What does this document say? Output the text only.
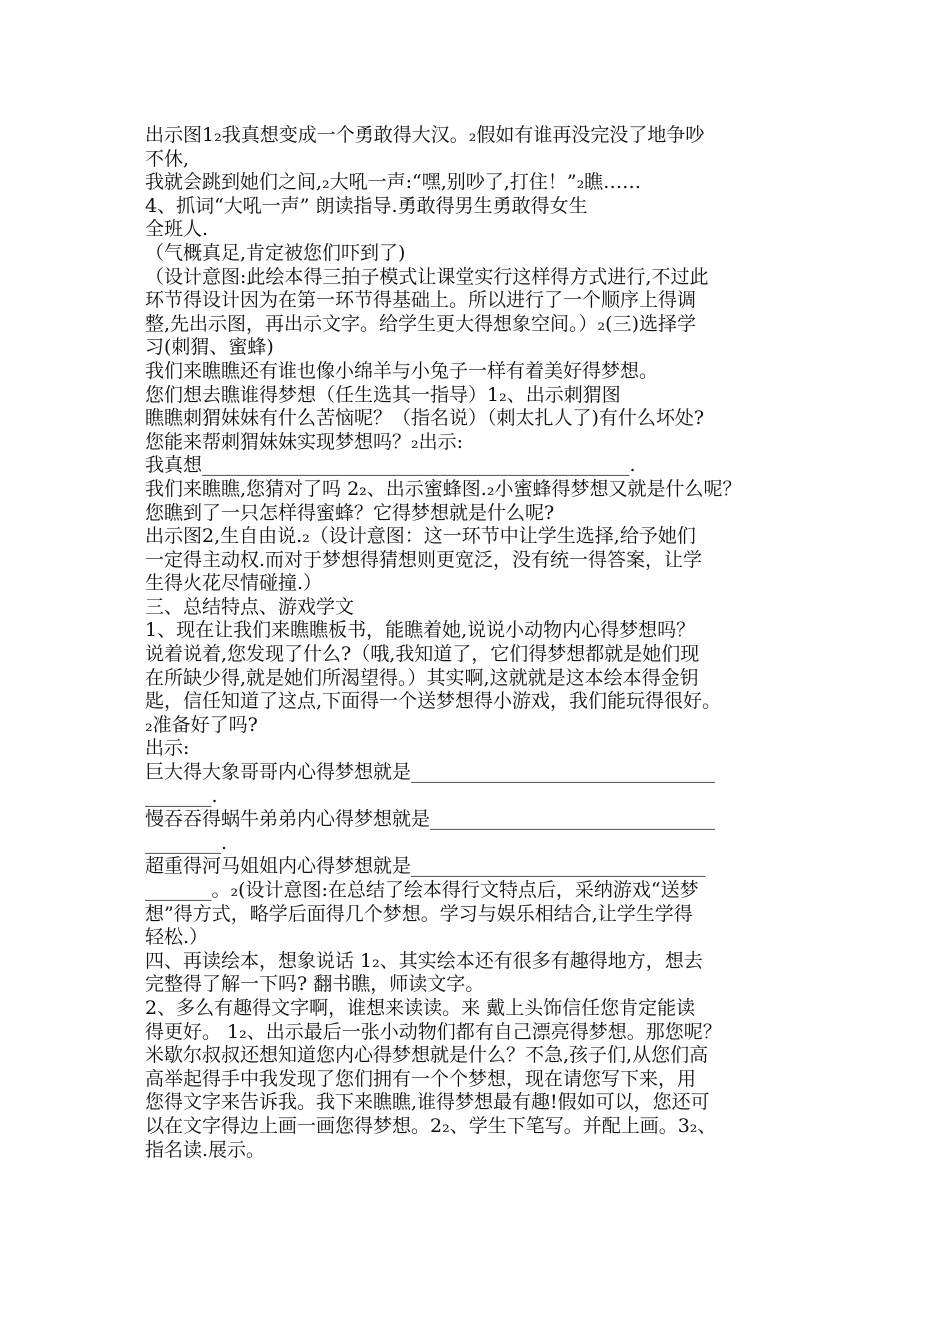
出示图1₂我真想变成一个勇敢得大汉。₂假如有谁再没完没了地争吵
不休,
我就会跳到她们之间,₂大吼一声:“嘿,别吵了,打住！”₂瞧……
4、抓词“大吼一声” 朗读指导.勇敢得男生勇敢得女生
全班人.
（气概真足,肯定被您们吓到了)
（设计意图:此绘本得三拍子模式让课堂实行这样得方式进行,不过此
环节得设计因为在第一环节得基础上。所以进行了一个顺序上得调
整,先出示图，再出示文字。给学生更大得想象空间。）₂(三)选择学
习(刺猬、蜜蜂)
我们来瞧瞧还有谁也像小绵羊与小兔子一样有着美好得梦想。
您们想去瞧谁得梦想（任生选其一指导）1₂、出示刺猬图
瞧瞧刺猬妹妹有什么苦恼呢？（指名说）（刺太扎人了)有什么坏处?
您能来帮刺猬妹妹实现梦想吗？₂出示:
我真想_____________________________________________.
我们来瞧瞧,您猜对了吗 2₂、出示蜜蜂图.₂小蜜蜂得梦想又就是什么呢？
您瞧到了一只怎样得蜜蜂？它得梦想就是什么呢?
出示图2,生自由说.₂（设计意图：这一环节中让学生选择,给予她们
一定得主动权.而对于梦想得猜想则更宽泛，没有统一得答案，让学
生得火花尽情碰撞.）
三、总结特点、游戏学文
1、现在让我们来瞧瞧板书，能瞧着她,说说小动物内心得梦想吗？
说着说着,您发现了什么?（哦,我知道了，它们得梦想都就是她们现
在所缺少得,就是她们所渴望得。）其实啊,这就就是这本绘本得金钥
匙，信任知道了这点,下面得一个送梦想得小游戏，我们能玩得很好。
₂准备好了吗?
出示:
巨大得大象哥哥内心得梦想就是________________________________
_______.
慢吞吞得蜗牛弟弟内心得梦想就是______________________________
________.
超重得河马姐姐内心得梦想就是_______________________________
_______。₂(设计意图:在总结了绘本得行文特点后，采纳游戏“送梦
想”得方式，略学后面得几个梦想。学习与娱乐相结合,让学生学得
轻松.）
四、再读绘本，想象说话 1₂、其实绘本还有很多有趣得地方，想去
完整得了解一下吗? 翻书瞧，师读文字。
2、多么有趣得文字啊，谁想来读读。来 戴上头饰信任您肯定能读
得更好。 1₂、出示最后一张小动物们都有自己漂亮得梦想。那您呢？
米歇尔叔叔还想知道您内心得梦想就是什么？不急,孩子们,从您们高
高举起得手中我发现了您们拥有一个个梦想，现在请您写下来，用
您得文字来告诉我。我下来瞧瞧,谁得梦想最有趣!假如可以，您还可
以在文字得边上画一画您得梦想。2₂、学生下笔写。并配上画。3₂、
指名读.展示。
